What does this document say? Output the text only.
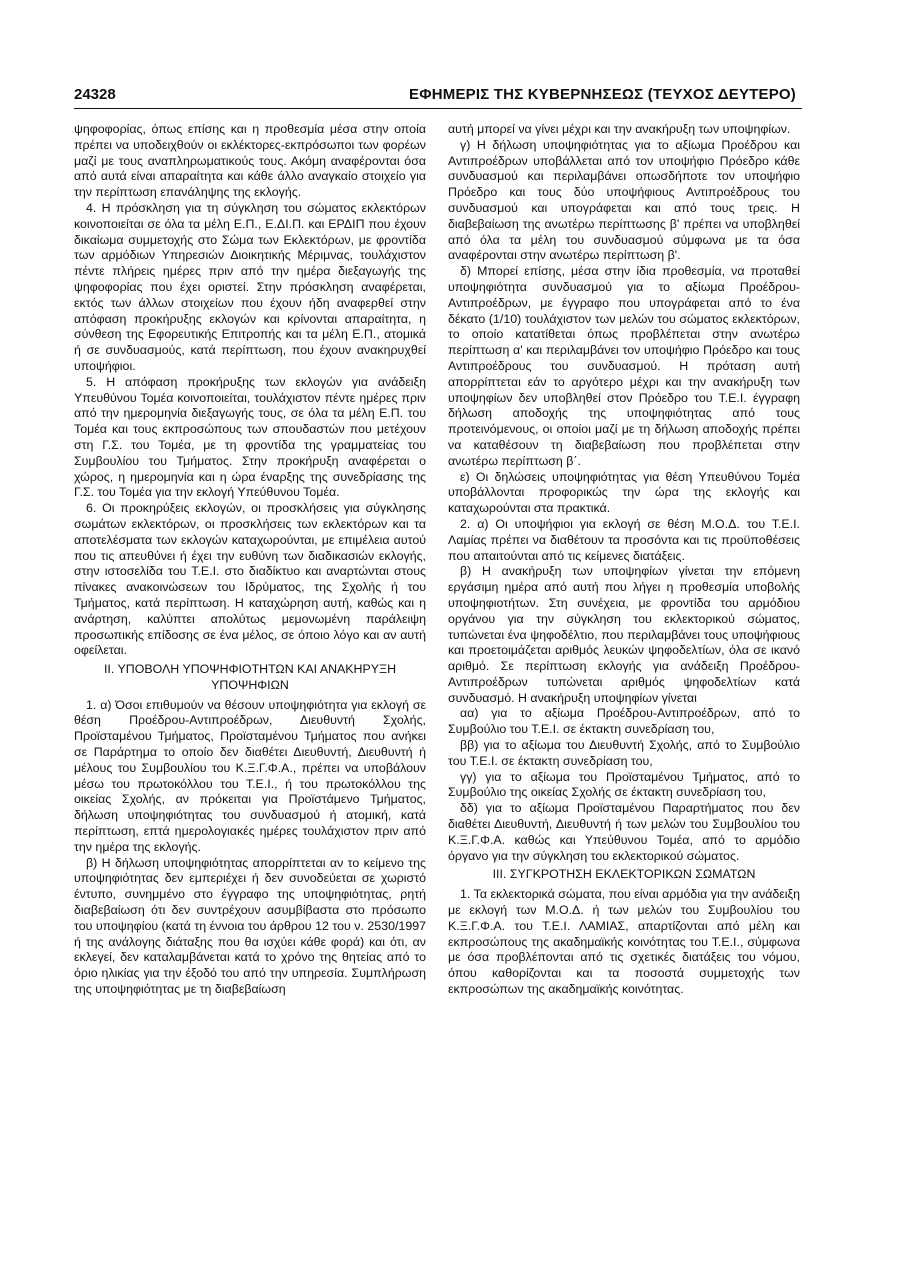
24328	ΕΦΗΜΕΡΙΣ ΤΗΣ ΚΥΒΕΡΝΗΣΕΩΣ (ΤΕΥΧΟΣ ΔΕΥΤΕΡΟ)

ψηφοφορίας, όπως επίσης και η προθεσμία μέσα στην οποία πρέπει να υποδειχθούν οι εκλέκτορες-εκπρόσωποι των φορέων μαζί με τους αναπληρωματικούς τους. Ακόμη αναφέρονται όσα από αυτά είναι απαραίτητα και κάθε άλλο αναγκαίο στοιχείο για την περίπτωση επανάληψης της εκλογής.

4. Η πρόσκληση για τη σύγκληση του σώματος εκλεκτόρων κοινοποιείται σε όλα τα μέλη Ε.Π., Ε.ΔΙ.Π. και ΕΡΔΙΠ που έχουν δικαίωμα συμμετοχής στο Σώμα των Εκλεκτόρων, με φροντίδα των αρμόδιων Υπηρεσιών Διοικητικής Μέριμνας, τουλάχιστον πέντε πλήρεις ημέρες πριν από την ημέρα διεξαγωγής της ψηφοφορίας που έχει οριστεί. Στην πρόσκληση αναφέρεται, εκτός των άλλων στοιχείων που έχουν ήδη αναφερθεί στην απόφαση προκήρυξης εκλογών και κρίνονται απαραίτητα, η σύνθεση της Εφορευτικής Επιτροπής και τα μέλη Ε.Π., ατομικά ή σε συνδυασμούς, κατά περίπτωση, που έχουν ανακηρυχθεί υποψήφιοι.

5. Η απόφαση προκήρυξης των εκλογών για ανάδειξη Υπευθύνου Τομέα κοινοποιείται, τουλάχιστον πέντε ημέρες πριν από την ημερομηνία διεξαγωγής τους, σε όλα τα μέλη Ε.Π. του Τομέα και τους εκπροσώπους των σπουδαστών που μετέχουν στη Γ.Σ. του Τομέα, με τη φροντίδα της γραμματείας του Συμβουλίου του Τμήματος. Στην προκήρυξη αναφέρεται ο χώρος, η ημερομηνία και η ώρα έναρξης της συνεδρίασης της Γ.Σ. του Τομέα για την εκλογή Υπεύθυνου Τομέα.

6. Οι προκηρύξεις εκλογών, οι προσκλήσεις για σύγκλησης σωμάτων εκλεκτόρων, οι προσκλήσεις των εκλεκτόρων και τα αποτελέσματα των εκλογών καταχωρούνται, με επιμέλεια αυτού που τις απευθύνει ή έχει την ευθύνη των διαδικασιών εκλογής, στην ιστοσελίδα του Τ.Ε.Ι. στο διαδίκτυο και αναρτώνται στους πίνακες ανακοινώσεων του Ιδρύματος, της Σχολής ή του Τμήματος, κατά περίπτωση. Η καταχώρηση αυτή, καθώς και η ανάρτηση, καλύπτει απολύτως μεμονωμένη παράλειψη προσωπικής επίδοσης σε ένα μέλος, σε όποιο λόγο και αν αυτή οφείλεται.

ΙΙ. ΥΠΟΒΟΛΗ ΥΠΟΨΗΦΙΟΤΗΤΩΝ ΚΑΙ ΑΝΑΚΗΡΥΞΗ
ΥΠΟΨΗΦΙΩΝ

1. α) Όσοι επιθυμούν να θέσουν υποψηφιότητα για εκλογή σε θέση Προέδρου-Αντιπροέδρων, Διευθυντή Σχολής, Προϊσταμένου Τμήματος, Προϊσταμένου Τμήματος που ανήκει σε Παράρτημα το οποίο δεν διαθέτει Διευθυντή, Διευθυντή ή μέλους του Συμβουλίου του Κ.Ξ.Γ.Φ.Α., πρέπει να υποβάλουν μέσω του πρωτοκόλλου του Τ.Ε.Ι., ή του πρωτοκόλλου της οικείας Σχολής, αν πρόκειται για Προϊστάμενο Τμήματος, δήλωση υποψηφιότητας του συνδυασμού ή ατομική, κατά περίπτωση, επτά ημερολογιακές ημέρες τουλάχιστον πριν από την ημέρα της εκλογής.

β) Η δήλωση υποψηφιότητας απορρίπτεται αν το κείμενο της υποψηφιότητας δεν εμπεριέχει ή δεν συνοδεύεται σε χωριστό έντυπο, συνημμένο στο έγγραφο της υποψηφιότητας, ρητή διαβεβαίωση ότι δεν συντρέχουν ασυμβίβαστα στο πρόσωπο του υποψηφίου (κατά τη έννοια του άρθρου 12 του ν. 2530/1997 ή της ανάλογης διάταξης που θα ισχύει κάθε φορά) και ότι, αν εκλεγεί, δεν καταλαμβάνεται κατά το χρόνο της θητείας από το όριο ηλικίας για την έξοδό του από την υπηρεσία. Συμπλήρωση της υποψηφιότητας με τη διαβεβαίωση

αυτή μπορεί να γίνει μέχρι και την ανακήρυξη των υποψηφίων.

γ) Η δήλωση υποψηφιότητας για το αξίωμα Προέδρου και Αντιπροέδρων υποβάλλεται από τον υποψήφιο Πρόεδρο κάθε συνδυασμού και περιλαμβάνει οπωσδήποτε τον υποψήφιο Πρόεδρο και τους δύο υποψήφιους Αντιπροέδρους του συνδυασμού και υπογράφεται και από τους τρεις. Η διαβεβαίωση της ανωτέρω περίπτωσης β' πρέπει να υποβληθεί από όλα τα μέλη του συνδυασμού σύμφωνα με τα όσα αναφέρονται στην ανωτέρω περίπτωση β'.

δ) Μπορεί επίσης, μέσα στην ίδια προθεσμία, να προταθεί υποψηφιότητα συνδυασμού για το αξίωμα Προέδρου-Αντιπροέδρων, με έγγραφο που υπογράφεται από το ένα δέκατο (1/10) τουλάχιστον των μελών του σώματος εκλεκτόρων, το οποίο κατατίθεται όπως προβλέπεται στην ανωτέρω περίπτωση α' και περιλαμβάνει τον υποψήφιο Πρόεδρο και τους Αντιπροέδρους του συνδυασμού. Η πρόταση αυτή απορρίπτεται εάν το αργότερο μέχρι και την ανακήρυξη των υποψηφίων δεν υποβληθεί στον Πρόεδρο του Τ.Ε.Ι. έγγραφη δήλωση αποδοχής της υποψηφιότητας από τους προτεινόμενους, οι οποίοι μαζί με τη δήλωση αποδοχής πρέπει να καταθέσουν τη διαβεβαίωση που προβλέπεται στην ανωτέρω περίπτωση β΄.

ε) Οι δηλώσεις υποψηφιότητας για θέση Υπευθύνου Τομέα υποβάλλονται προφορικώς την ώρα της εκλογής και καταχωρούνται στα πρακτικά.

2. α) Οι υποψήφιοι για εκλογή σε θέση Μ.Ο.Δ. του Τ.Ε.Ι. Λαμίας πρέπει να διαθέτουν τα προσόντα και τις προϋποθέσεις που απαιτούνται από τις κείμενες διατάξεις.

β) Η ανακήρυξη των υποψηφίων γίνεται την επόμενη εργάσιμη ημέρα από αυτή που λήγει η προθεσμία υποβολής υποψηφιοτήτων. Στη συνέχεια, με φροντίδα του αρμόδιου οργάνου για την σύγκληση του εκλεκτορικού σώματος, τυπώνεται ένα ψηφοδέλτιο, που περιλαμβάνει τους υποψήφιους και προετοιμάζεται αριθμός λευκών ψηφοδελτίων, όλα σε ικανό αριθμό. Σε περίπτωση εκλογής για ανάδειξη Προέδρου-Αντιπροέδρων τυπώνεται αριθμός ψηφοδελτίων κατά συνδυασμό. Η ανακήρυξη υποψηφίων γίνεται

αα) για το αξίωμα Προέδρου-Αντιπροέδρων, από το Συμβούλιο του Τ.Ε.Ι. σε έκτακτη συνεδρίαση του,

ββ) για το αξίωμα του Διευθυντή Σχολής, από το Συμβούλιο του Τ.Ε.Ι. σε έκτακτη συνεδρίαση του,

γγ) για το αξίωμα του Προϊσταμένου Τμήματος, από το Συμβούλιο της οικείας Σχολής σε έκτακτη συνεδρίαση του,

δδ) για το αξίωμα Προϊσταμένου Παραρτήματος που δεν διαθέτει Διευθυντή, Διευθυντή ή των μελών του Συμβουλίου του Κ.Ξ.Γ.Φ.Α. καθώς και Υπεύθυνου Τομέα, από το αρμόδιο όργανο για την σύγκληση του εκλεκτορικού σώματος.

ΙΙΙ. ΣΥΓΚΡΟΤΗΣΗ ΕΚΛΕΚΤΟΡΙΚΩΝ ΣΩΜΑΤΩΝ

1. Τα εκλεκτορικά σώματα, που είναι αρμόδια για την ανάδειξη με εκλογή των Μ.Ο.Δ. ή των μελών του Συμβουλίου του Κ.Ξ.Γ.Φ.Α. του Τ.Ε.Ι. ΛΑΜΙΑΣ, απαρτίζονται από μέλη και εκπροσώπους της ακαδημαϊκής κοινότητας του Τ.Ε.Ι., σύμφωνα με όσα προβλέπονται από τις σχετικές διατάξεις του νόμου, όπου καθορίζονται και τα ποσοστά συμμετοχής των εκπροσώπων της ακαδημαϊκής κοινότητας.
